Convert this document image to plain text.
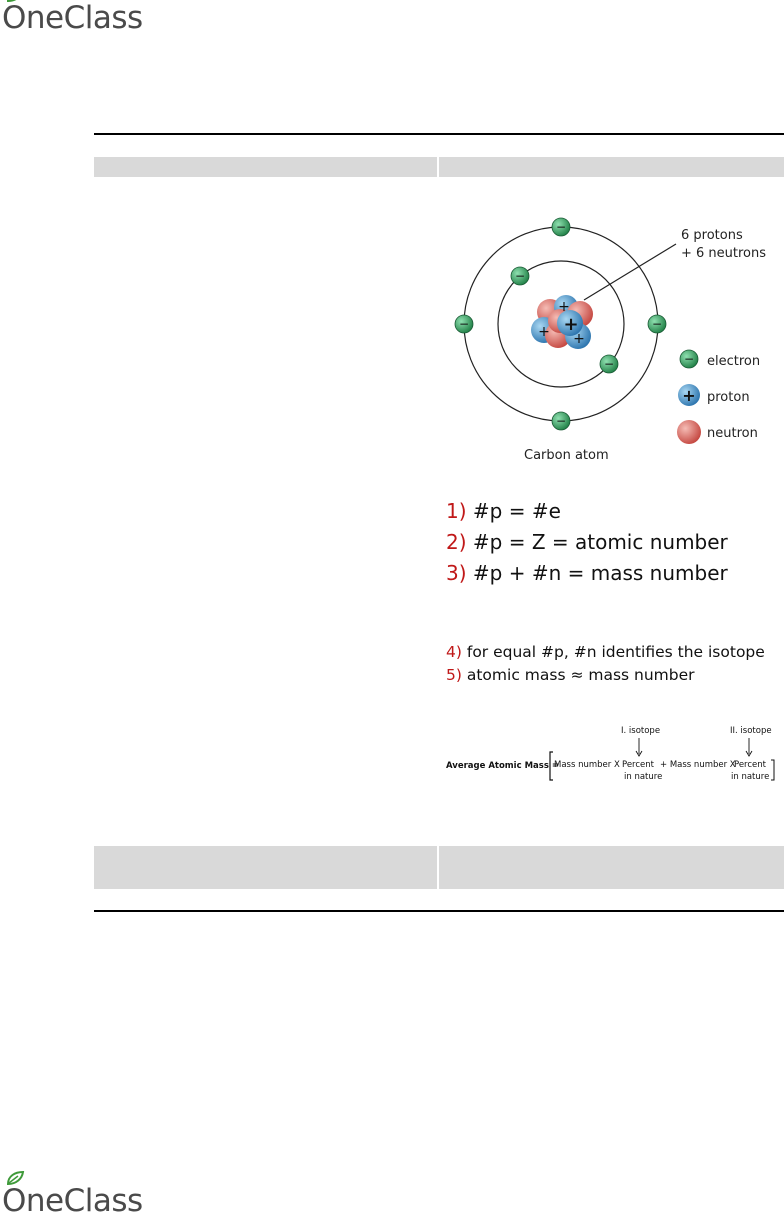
O neClass
+
+ +
+
−
−	−
−
−
−
6 protons
+ 6 neutrons
− electron
+ proton
neutron
Carbon atom
1) #p = #e
2) #p = Z = atomic number
3) #p + #n = mass number
4) for equal #p, #n identifies the isotope
5) atomic mass ≈ mass number
I. isotope	II. isotope
Average Atomic Mass =
Mass number X Percent
in nature
+ Mass number X
Percent
in nature
O neClass
